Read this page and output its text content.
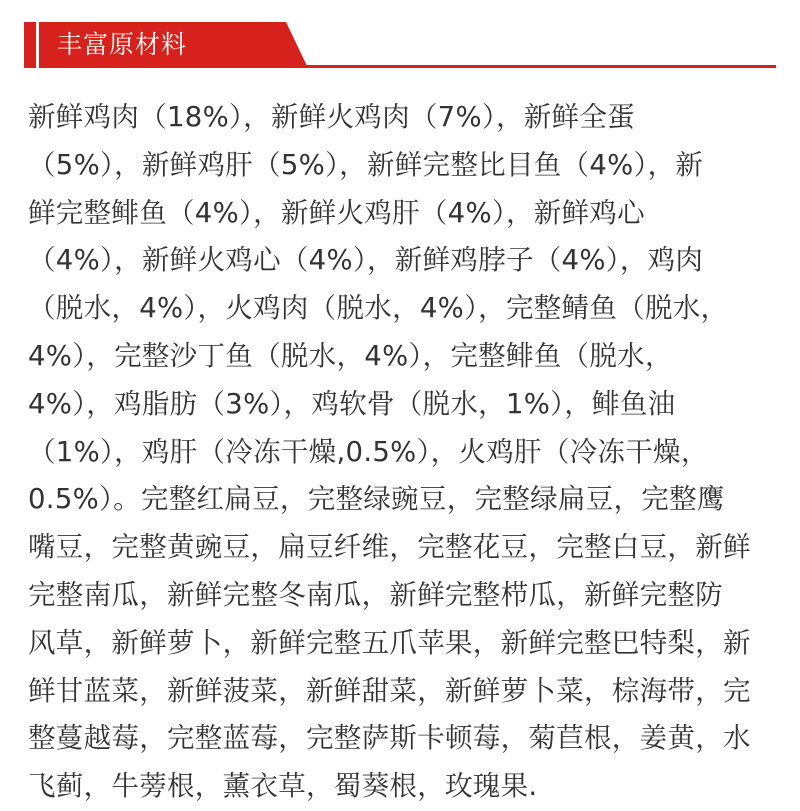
丰富原材料
新鲜鸡肉（18%），新鲜火鸡肉（7%），新鲜全蛋
（5%），新鲜鸡肝（5%），新鲜完整比目鱼（4%），新
鲜完整鲱鱼（4%），新鲜火鸡肝（4%），新鲜鸡心
（4%），新鲜火鸡心（4%），新鲜鸡脖子（4%），鸡肉
（脱水，4%），火鸡肉（脱水，4%），完整鲭鱼（脱水，
4%），完整沙丁鱼（脱水，4%），完整鲱鱼（脱水，
4%），鸡脂肪（3%），鸡软骨（脱水，1%），鲱鱼油
（1%），鸡肝（冷冻干燥,0.5%），火鸡肝（冷冻干燥，
0.5%）。完整红扁豆，完整绿豌豆，完整绿扁豆，完整鹰
嘴豆，完整黄豌豆，扁豆纤维，完整花豆，完整白豆，新鲜
完整南瓜，新鲜完整冬南瓜，新鲜完整栉瓜，新鲜完整防
风草，新鲜萝卜，新鲜完整五爪苹果，新鲜完整巴特梨，新
鲜甘蓝菜，新鲜菠菜，新鲜甜菜，新鲜萝卜菜，棕海带，完
整蔓越莓，完整蓝莓，完整萨斯卡顿莓，菊苣根，姜黄，水
飞蓟，牛蒡根，薰衣草，蜀葵根，玫瑰果.
